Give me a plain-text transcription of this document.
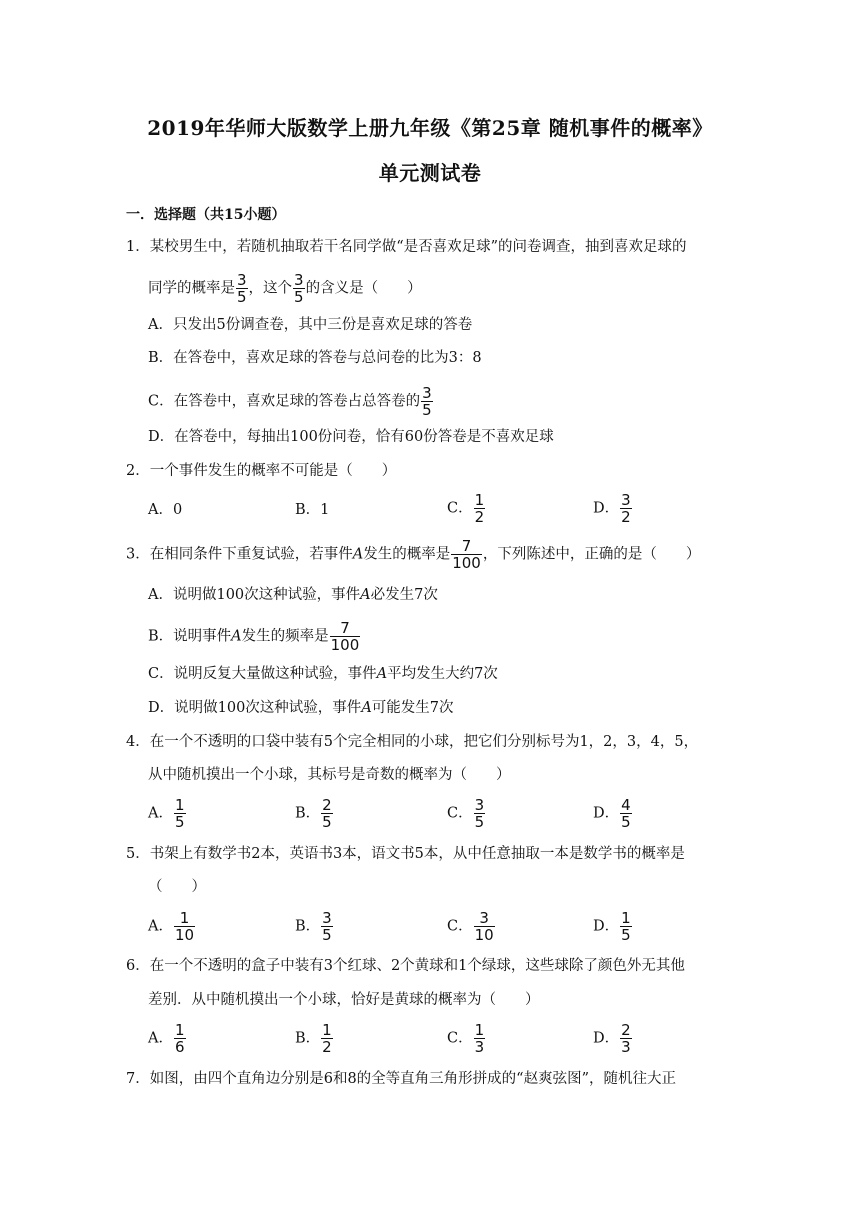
2019年华师大版数学上册九年级《第25章 随机事件的概率》
单元测试卷
一．选择题（共15小题）
1．某校男生中，若随机抽取若干名同学做“是否喜欢足球”的问卷调查，抽到喜欢足球的
同学的概率是 $\frac{3}{5}$ ，这个 $\frac{3}{5}$ 的含义是（　　）
A．只发出5份调查卷，其中三份是喜欢足球的答卷
B．在答卷中，喜欢足球的答卷与总问卷的比为3：8
C．在答卷中，喜欢足球的答卷占总答卷的 $\frac{3}{5}$
D．在答卷中，每抽出100份问卷，恰有60份答卷是不喜欢足球
2．一个事件发生的概率不可能是（　　）
A．0	B．1	C． $\frac{1}{2}$	D． $\frac{3}{2}$
3．在相同条件下重复试验，若事件A发生的概率是 $\frac{7}{100}$ ，下列陈述中，正确的是（　　）
A．说明做100次这种试验，事件A必发生7次
B．说明事件A发生的频率是 $\frac{7}{100}$
C．说明反复大量做这种试验，事件A平均发生大约7次
D．说明做100次这种试验，事件A可能发生7次
4．在一个不透明的口袋中装有5个完全相同的小球，把它们分别标号为1，2，3，4，5，
从中随机摸出一个小球，其标号是奇数的概率为（　　）
A． $\frac{1}{5}$	B． $\frac{2}{5}$	C． $\frac{3}{5}$	D． $\frac{4}{5}$
5．书架上有数学书2本，英语书3本，语文书5本，从中任意抽取一本是数学书的概率是
（　　）
A． $\frac{1}{10}$	B． $\frac{3}{5}$	C． $\frac{3}{10}$	D． $\frac{1}{5}$
6．在一个不透明的盒子中装有3个红球、2个黄球和1个绿球，这些球除了颜色外无其他
差别．从中随机摸出一个小球，恰好是黄球的概率为（　　）
A． $\frac{1}{6}$	B． $\frac{1}{2}$	C． $\frac{1}{3}$	D． $\frac{2}{3}$
7．如图，由四个直角边分别是6和8的全等直角三角形拼成的“赵爽弦图”，随机往大正
